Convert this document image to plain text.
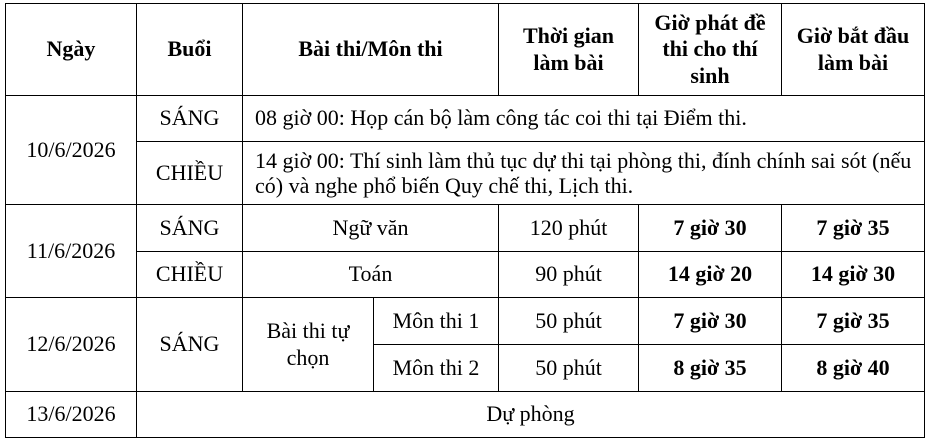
Ngày	Buổi	Bài thi/Môn thi		Thời gian làm bài	Giờ phát đề thi cho thí sinh	Giờ bắt đầu làm bài
10/6/2026	SÁNG	08 giờ 00: Họp cán bộ làm công tác coi thi tại Điểm thi.				
	CHIỀU	14 giờ 00: Thí sinh làm thủ tục dự thi tại phòng thi, đính chính sai sót (nếu có) và nghe phổ biến Quy chế thi, Lịch thi.				
11/6/2026	SÁNG	Ngữ văn		120 phút	7 giờ 30	7 giờ 35
	CHIỀU	Toán		90 phút	14 giờ 20	14 giờ 30
12/6/2026	SÁNG	Bài thi tự chọn	Môn thi 1	50 phút	7 giờ 30	7 giờ 35
			Môn thi 2	50 phút	8 giờ 35	8 giờ 40
13/6/2026	Dự phòng					
